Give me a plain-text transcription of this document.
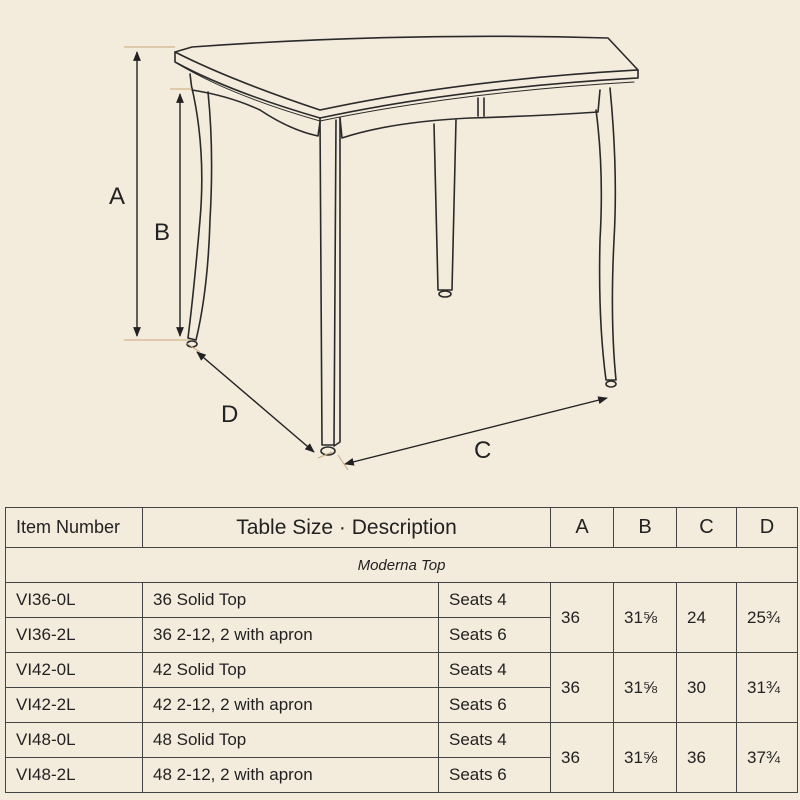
A
B
D
C
Item Number	Table Size · Description		A	B	C	D
Moderna Top						
VI36-0L	36 Solid Top	Seats 4	36	31⅝	24	25¾
VI36-2L	36 2-12, 2 with apron	Seats 6				
VI42-0L	42 Solid Top	Seats 4	36	31⅝	30	31¾
VI42-2L	42 2-12, 2 with apron	Seats 6				
VI48-0L	48 Solid Top	Seats 4	36	31⅝	36	37¾
VI48-2L	48 2-12, 2 with apron	Seats 6				
